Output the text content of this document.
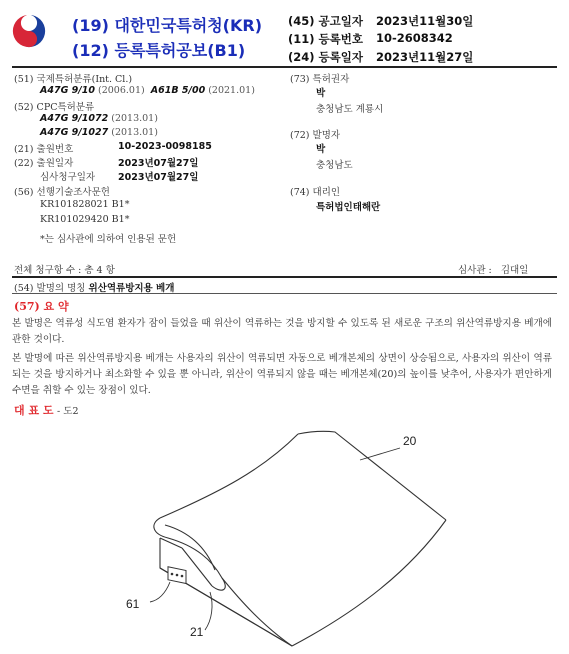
(19) 대한민국특허청(KR)
(12) 등록특허공보(B1)
(45) 공고일자 2023년11월30일
(11) 등록번호 10-2608342
(24) 등록일자 2023년11월27일
(51) 국제특허분류(Int. Cl.)
A47G 9/10 (2006.01) A61B 5/00 (2021.01)
(52) CPC특허분류
A47G 9/1072 (2013.01)
A47G 9/1027 (2013.01)
(21) 출원번호	10-2023-0098185
(22) 출원일자	2023년07월27일
심사청구일자 2023년07월27일
(56) 선행기술조사문헌
KR101828021 B1*
KR101029420 B1*
*는 심사관에 의하여 인용된 문헌
(73) 특허권자
박
충청남도 계룡시
(72) 발명자
박
충청남도
(74) 대리인
특허법인태해란
전체 청구항 수 : 총 4 항	심사관 : 김대일
(54) 발명의 명칭 위산역류방지용 베개
(57) 요 약
본 발명은 역류성 식도염 환자가 잠이 들었을 때 위산이 역류하는 것을 방지할 수 있도록 된 새로운 구조의 위산역류방지용 베개에 관한 것이다.
본 발명에 따른 위산역류방지용 베개는 사용자의 위산이 역류되면 자동으로 베개본체의 상면이 상승됨으로, 사용자의 위산이 역류되는 것을 방지하거나 최소화할 수 있을 뿐 아니라, 위산이 역류되지 않을 때는 베개본체(20)의 높이를 낮추어, 사용자가 편안하게 수면을 취할 수 있는 장점이 있다.
대 표 도 - 도2
20
61
21
